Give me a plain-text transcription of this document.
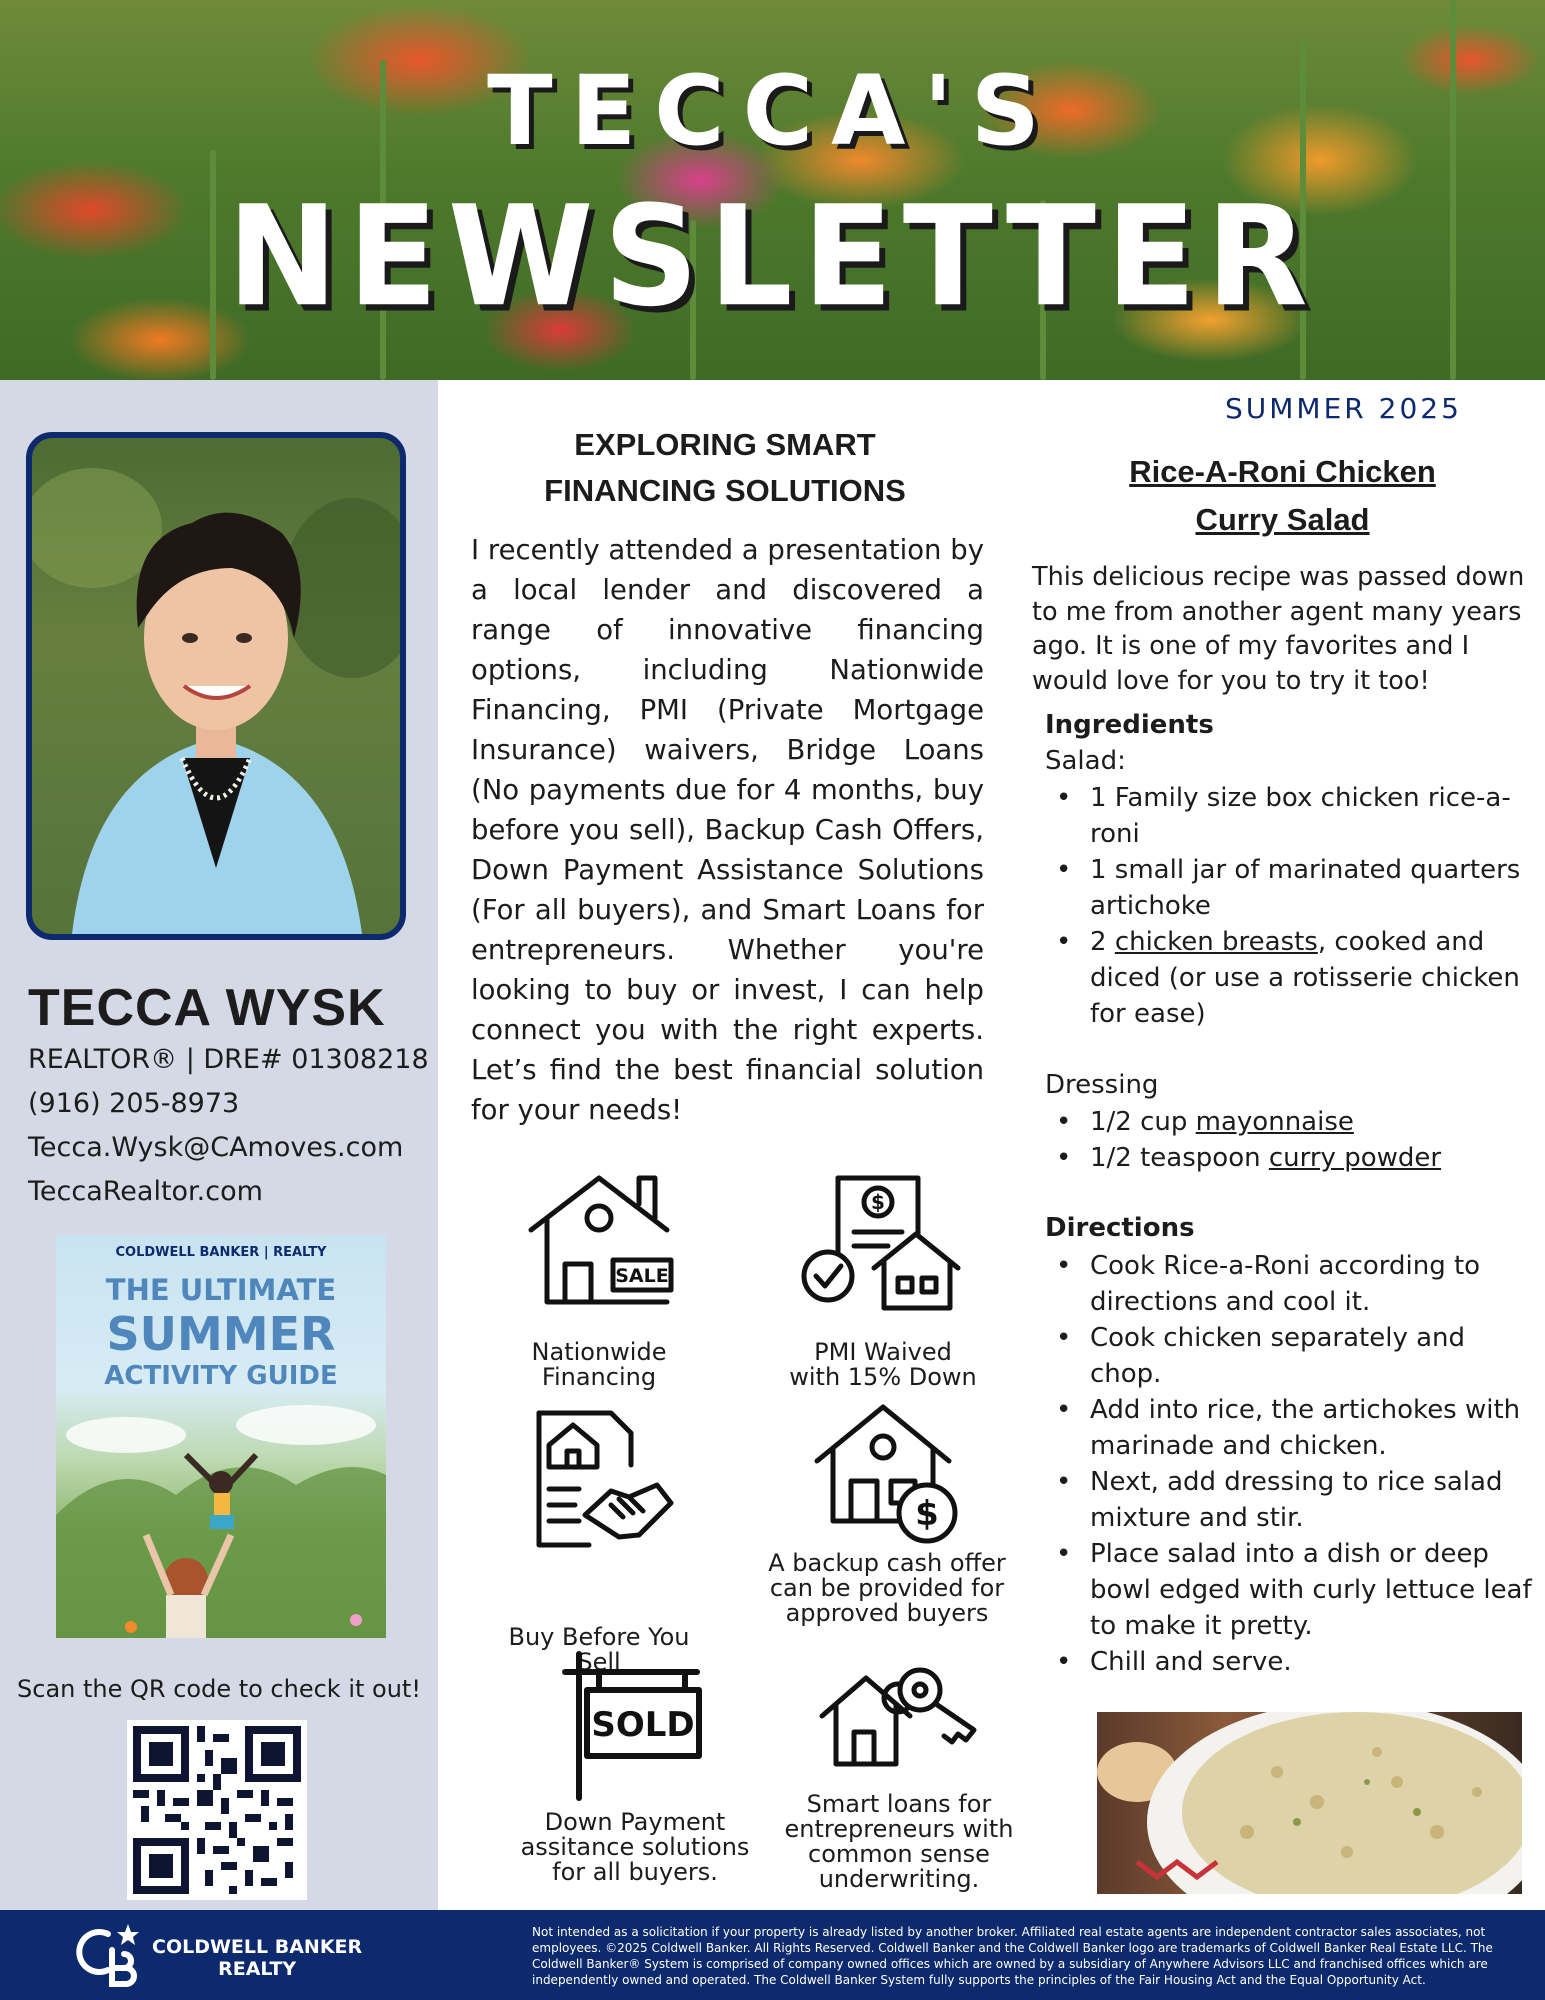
TECCA'S
NEWSLETTER
TECCA WYSK
REALTOR® | DRE# 01308218
(916) 205-8973
Tecca.Wysk@CAmoves.com
TeccaRealtor.com
COLDWELL BANKER | REALTY
THE ULTIMATE
SUMMER
ACTIVITY GUIDE
Scan the QR code to check it out!
EXPLORING SMART
FINANCING SOLUTIONS
I recently attended a presentation by a local lender and discovered a range of innovative financing options, including Nationwide Financing, PMI (Private Mortgage Insurance) waivers, Bridge Loans (No payments due for 4 months, buy before you sell), Backup Cash Offers, Down Payment Assistance Solutions (For all buyers), and Smart Loans for entrepreneurs. Whether you're looking to buy or invest, I can help connect you with the right experts. Let’s find the best financial solution for your needs!
SALE
Nationwide
Financing
$
PMI Waived
with 15% Down
Buy Before You
Sell
$
A backup cash offer
can be provided for
approved buyers
SOLD
Down Payment
assitance solutions
for all buyers.
Smart loans for
entrepreneurs with
common sense
underwriting.
SUMMER 2025
Rice-A-Roni Chicken
Curry Salad
This delicious recipe was passed down to me from another agent many years ago. It is one of my favorites and I would love for you to try it too!
Ingredients
Salad:
• 1 Family size box chicken rice-a-roni
• 1 small jar of marinated quarters artichoke
• 2 chicken breasts, cooked and diced (or use a rotisserie chicken for ease)
Dressing
• 1/2 cup mayonnaise
• 1/2 teaspoon curry powder
Directions
• Cook Rice-a-Roni according to directions and cool it.
• Cook chicken separately and chop.
• Add into rice, the artichokes with marinade and chicken.
• Next, add dressing to rice salad mixture and stir.
• Place salad into a dish or deep bowl edged with curly lettuce leaf to make it pretty.
• Chill and serve.
COLDWELL BANKER
REALTY
Not intended as a solicitation if your property is already listed by another broker. Affiliated real estate agents are independent contractor sales associates, not employees. ©2025 Coldwell Banker. All Rights Reserved. Coldwell Banker and the Coldwell Banker logo are trademarks of Coldwell Banker Real Estate LLC. The Coldwell Banker® System is comprised of company owned offices which are owned by a subsidiary of Anywhere Advisors LLC and franchised offices which are independently owned and operated. The Coldwell Banker System fully supports the principles of the Fair Housing Act and the Equal Opportunity Act.
